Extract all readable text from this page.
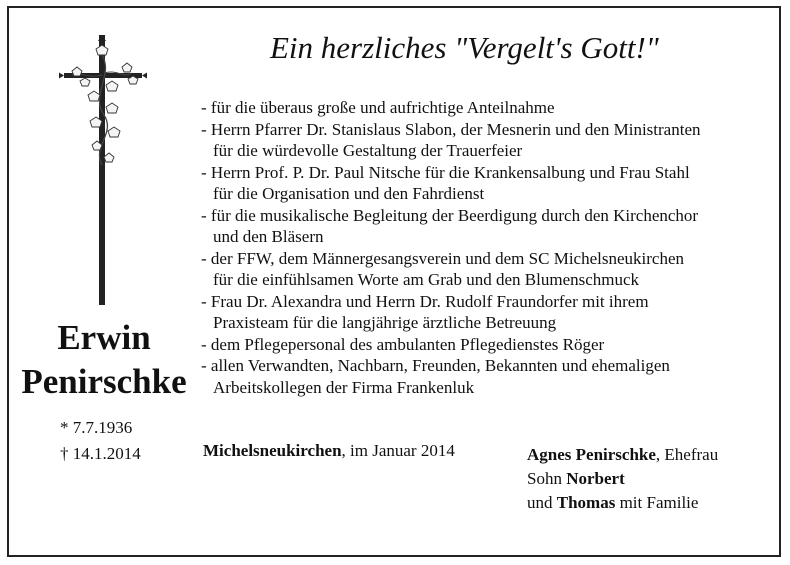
Ein herzliches "Vergelt's Gott!"
Erwin
Penirschke
* 7.7.1936
† 14.1.2014
- für die überaus große und aufrichtige Anteilnahme
- Herrn Pfarrer Dr. Stanislaus Slabon, der Mesnerin und den Ministranten
für die würdevolle Gestaltung der Trauerfeier
- Herrn Prof. P. Dr. Paul Nitsche für die Krankensalbung und Frau Stahl
für die Organisation und den Fahrdienst
- für die musikalische Begleitung der Beerdigung durch den Kirchenchor
und den Bläsern
- der FFW, dem Männergesangsverein und dem SC Michelsneukirchen
für die einfühlsamen Worte am Grab und den Blumenschmuck
- Frau Dr. Alexandra und Herrn Dr. Rudolf Fraundorfer mit ihrem
Praxisteam für die langjährige ärztliche Betreuung
- dem Pflegepersonal des ambulanten Pflegedienstes Röger
- allen Verwandten, Nachbarn, Freunden, Bekannten und ehemaligen
Arbeitskollegen der Firma Frankenluk
Michelsneukirchen, im Januar 2014	Agnes Penirschke, Ehefrau
Sohn Norbert
und Thomas mit Familie
